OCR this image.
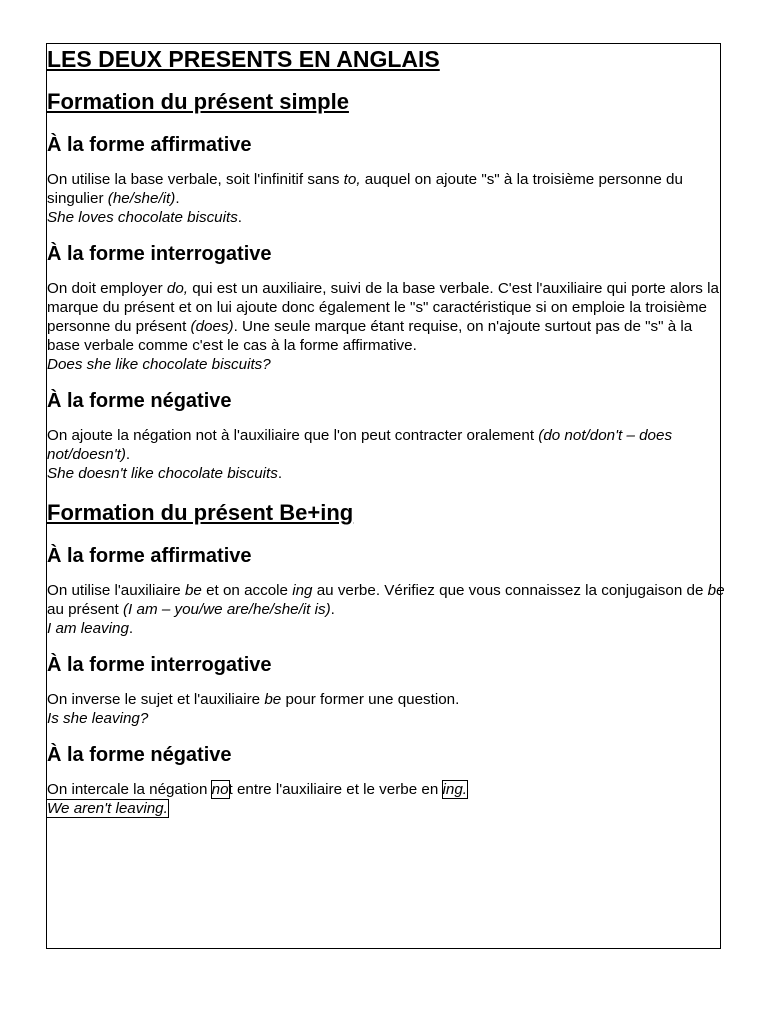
LES DEUX PRESENTS EN ANGLAIS
Formation du présent simple
À la forme affirmative

On utilise la base verbale, soit l'infinitif sans to, auquel on ajoute "s" à la troisième personne du singulier (he/she/it).
She loves chocolate biscuits.

À la forme interrogative

On doit employer do, qui est un auxiliaire, suivi de la base verbale. C'est l'auxiliaire qui porte alors la marque du présent et on lui ajoute donc également le "s" caractéristique si on emploie la troisième personne du présent (does). Une seule marque étant requise, on n'ajoute surtout pas de "s" à la base verbale comme c'est le cas à la forme affirmative.
Does she like chocolate biscuits?

À la forme négative

On ajoute la négation not à l'auxiliaire que l'on peut contracter oralement (do not/don't – does not/doesn't).
She doesn't like chocolate biscuits.

Formation du présent Be+ing
À la forme affirmative

On utilise l'auxiliaire be et on accole ing au verbe. Vérifiez que vous connaissez la conjugaison de be au présent (I am – you/we are/he/she/it is).
I am leaving.

À la forme interrogative

On inverse le sujet et l'auxiliaire be pour former une question.
Is she leaving?

À la forme négative

On intercale la négation not entre l'auxiliaire et le verbe en ing.
We aren't leaving.
